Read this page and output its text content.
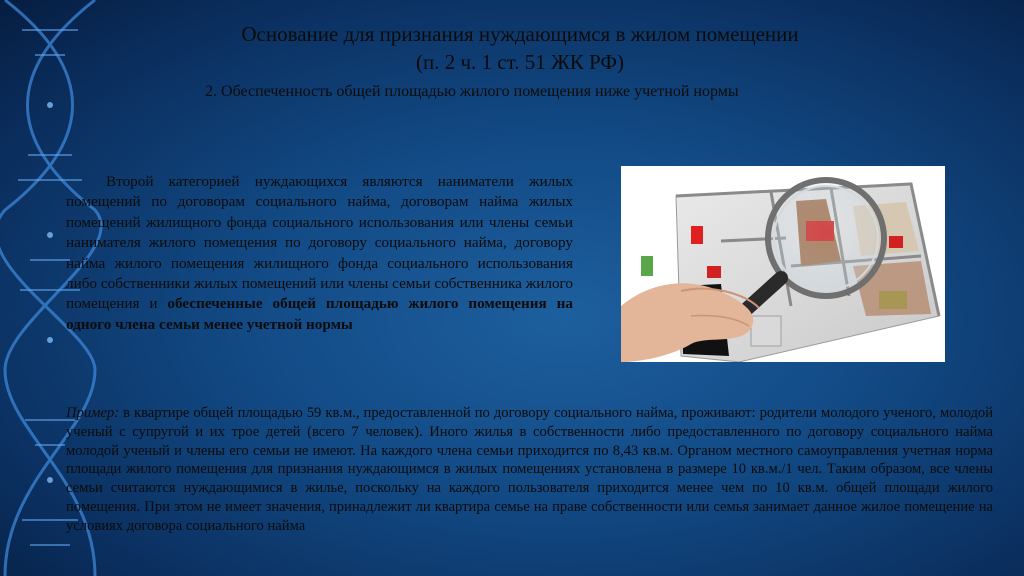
Основание для признания нуждающимся в жилом помещении
(п. 2 ч. 1 ст. 51 ЖК РФ)
2. Обеспеченность общей площадью жилого помещения ниже учетной нормы
Второй категорией нуждающихся являются наниматели жилых помещений по договорам социального найма, договорам найма жилых помещений жилищного фонда социального использования или члены семьи нанимателя жилого помещения по договору социального найма, договору найма жилого помещения жилищного фонда социального использования либо собственники жилых помещений или члены семьи собственника жилого помещения и обеспеченные общей площадью жилого помещения на одного члена семьи менее учетной нормы
Пример: в квартире общей площадью 59 кв.м., предоставленной по договору социального найма, проживают: родители молодого ученого, молодой ученый с супругой и их трое детей (всего 7 человек). Иного жилья в собственности либо предоставленного по договору социального найма молодой ученый и члены его семьи не имеют. На каждого члена семьи приходится по 8,43 кв.м. Органом местного самоуправления учетная норма площади жилого помещения для признания нуждающимся в жилых помещениях установлена в размере 10 кв.м./1 чел. Таким образом, все члены семьи считаются нуждающимися в жилье, поскольку на каждого пользователя приходится менее чем по 10 кв.м. общей площади жилого помещения. При этом не имеет значения, принадлежит ли квартира семье на праве собственности или семья занимает данное жилое помещение на условиях договора социального найма
